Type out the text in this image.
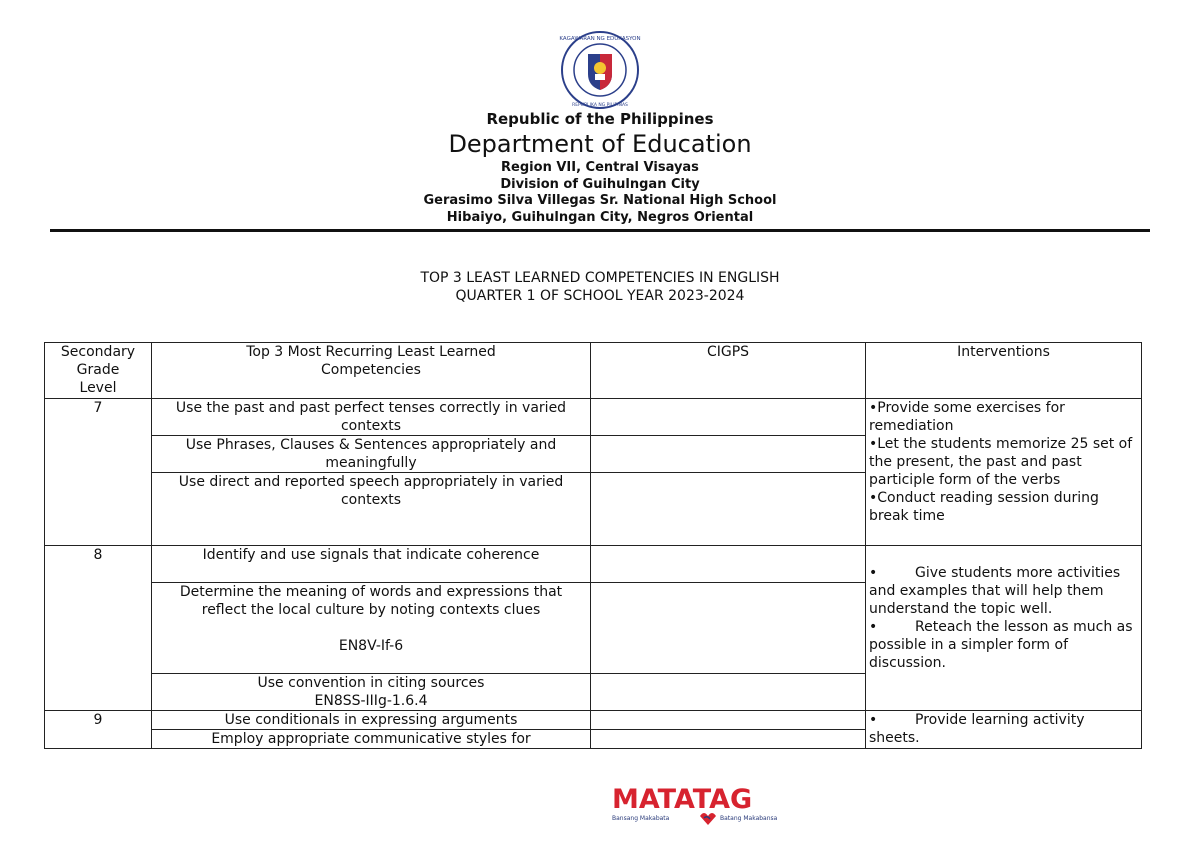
KAGAWARAN NG EDUKASYON
REPUBLIKA NG PILIPINAS
Republic of the Philippines
Department of Education
Region VII, Central Visayas
Division of Guihulngan City
Gerasimo Silva Villegas Sr. National High School
Hibaiyo, Guihulngan City, Negros Oriental
TOP 3 LEAST LEARNED COMPETENCIES IN ENGLISH
QUARTER 1 OF SCHOOL YEAR 2023-2024
Secondary
Grade
Level	Top 3 Most Recurring Least Learned Competencies	CIGPS	Interventions
7	Use the past and past perfect tenses correctly in varied contexts		•Provide some exercises for remediation
•Let the students memorize 25 set of the present, the past and past participle form of the verbs
•Conduct reading session during break time

	Use Phrases, Clauses & Sentences appropriately and meaningfully		
	Use direct and reported speech appropriately in varied contexts		
8	Identify and use signals that indicate coherence		• Give students more activities and examples that will help them understand the topic well.
• Reteach the lesson as much as possible in a simpler form of discussion.

	Determine the meaning of words and expressions that reflect the local culture by noting contexts clues
EN8V-If-6		

	Use convention in citing sources
EN8SS-IIIg-1.6.4		

9	Use conditionals in expressing arguments		• Provide learning activity sheets.

	Employ appropriate communicative styles for		
MATATAG
Bansang Makabata	Batang Makabansa
